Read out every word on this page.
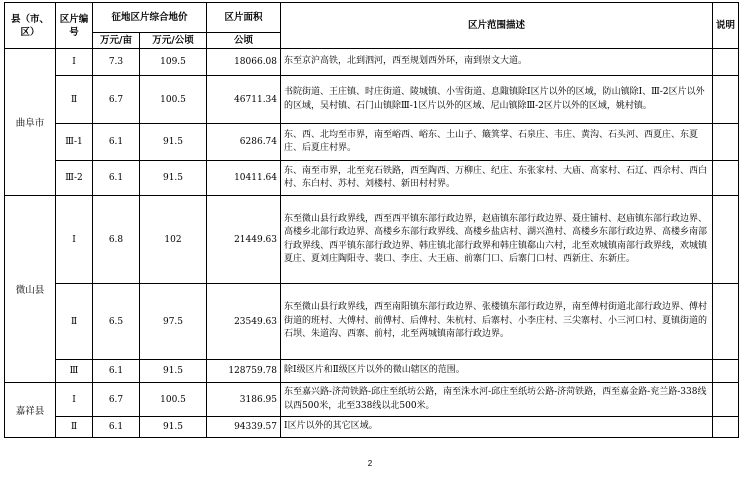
县（市、区）	区片编号	征地区片综合地价		区片面积	区片范围描述	说明
		万元/亩	万元/公顷	公顷		
曲阜市	Ⅰ	7.3	109.5	18066.08	东至京沪高铁，北到泗河，西至规划西外环，南到崇文大道。	
	Ⅱ	6.7	100.5	46711.34	书院街道、王庄镇、时庄街道、陵城镇、小雪街道、息陬镇除Ⅰ区片以外的区域，防山镇除Ⅰ、Ⅲ-2区片以外的区域，吴村镇、石门山镇除Ⅲ-1区片以外的区域、尼山镇除Ⅲ-2区片以外的区域，姚村镇。	
	Ⅲ-1	6.1	91.5	6286.74	东、西、北均至市界，南至峪西、峪东、土山子、簸箕掌、石泉庄、韦庄、黄沟、石头河、西夏庄、东夏庄、后夏庄村界。	
	Ⅲ-2	6.1	91.5	10411.64	东、南至市界，北至兖石铁路，西至陶西、万柳庄、纪庄、东张家村、大庙、高家村、石辽、西佘村、西白村、东白村、苏村、刘楼村、新田村村界。	
微山县	Ⅰ	6.8	102	21449.63	东至微山县行政界线，西至西平镇东部行政边界，赵庙镇东部行政边界、聂庄铺村、赵庙镇东部行政边界、高楼乡北部行政边界、高楼乡东部行政界线、高楼乡盐店村、湖兴渔村、高楼乡东部行政边界、高楼乡南部行政界线、西平镇东部行政边界、韩庄镇北部行政界和韩庄镇郗山六村，北至欢城镇南部行政界线，欢城镇夏庄、夏刘庄陶阳寺、裴口、李庄、大王庙、前寨门口、后寨门口村、西新庄、东新庄。	
	Ⅱ	6.5	97.5	23549.63	东至微山县行政界线，西至南阳镇东部行政边界、张楼镇东部行政边界，南至傅村街道北部行政边界、傅村街道的班村、大傅村、前傅村、后傅村、朱杭村、后寨村、小李庄村、三尖寨村、小三河口村、夏镇街道的石坝、朱道沟、西寨、前村，北至两城镇南部行政边界。	
	Ⅲ	6.1	91.5	128759.78	除Ⅰ级区片和Ⅱ级区片以外的微山辖区的范围。	
嘉祥县	Ⅰ	6.7	100.5	3186.95	东至嘉兴路-济菏铁路-邱庄至纸坊公路，南至洙水河-邱庄至纸坊公路-济菏铁路，西至嘉金路-兖兰路-338线以西500米，北至338线以北500米。	
	Ⅱ	6.1	91.5	94339.57	Ⅰ区片以外的其它区域。	
2
